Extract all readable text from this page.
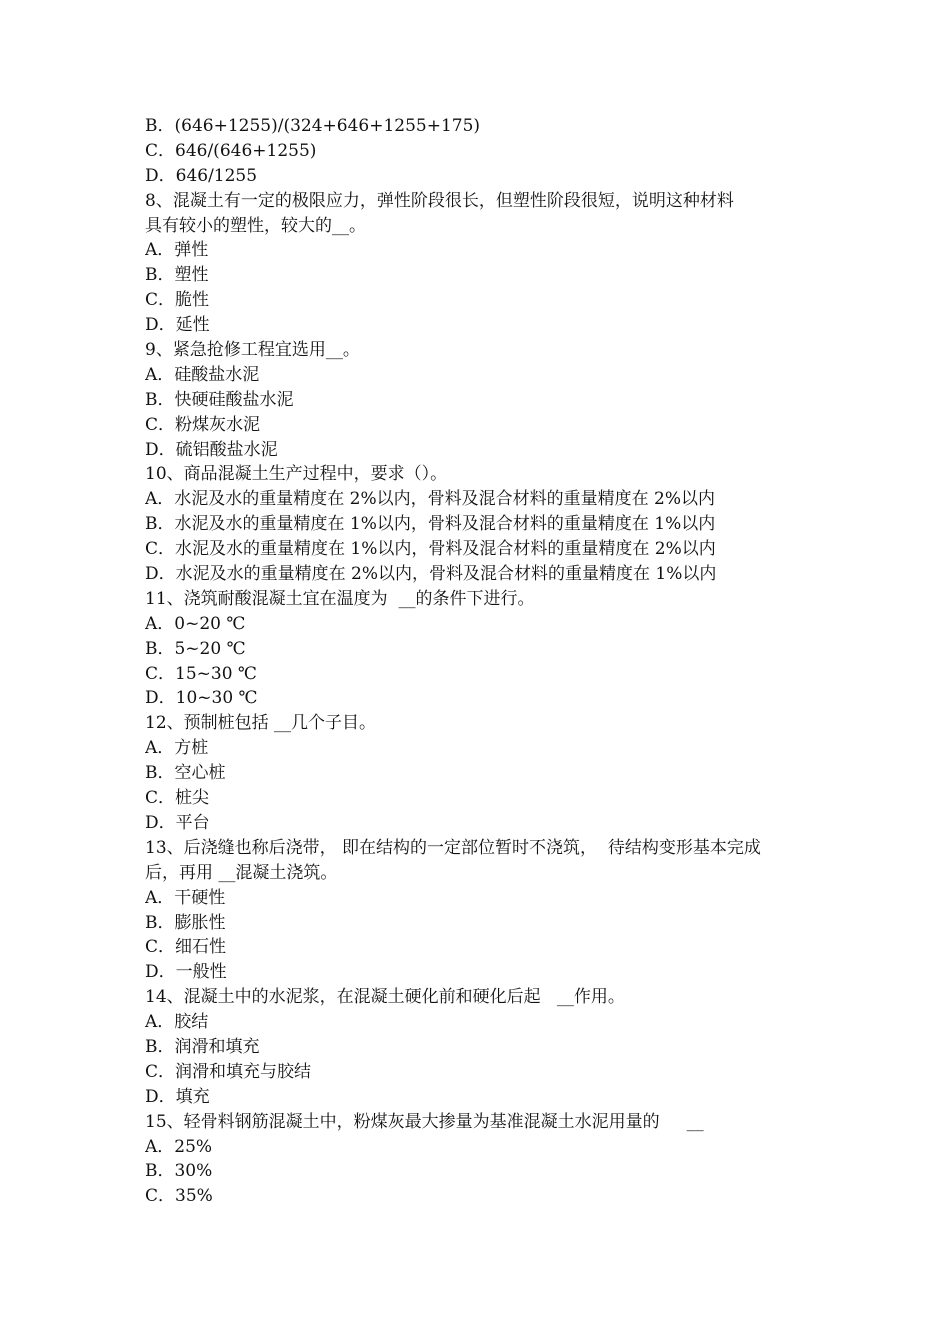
B．(646+1255)/(324+646+1255+175)
C．646/(646+1255)
D．646/1255
8、混凝土有一定的极限应力，弹性阶段很长，但塑性阶段很短，说明这种材料
具有较小的塑性，较大的__。
A．弹性
B．塑性
C．脆性
D．延性
9、紧急抢修工程宜选用__。
A．硅酸盐水泥
B．快硬硅酸盐水泥
C．粉煤灰水泥
D．硫铝酸盐水泥
10、商品混凝土生产过程中，要求（）。
A．水泥及水的重量精度在 2%以内，骨料及混合材料的重量精度在 2%以内
B．水泥及水的重量精度在 1%以内，骨料及混合材料的重量精度在 1%以内
C．水泥及水的重量精度在 1%以内，骨料及混合材料的重量精度在 2%以内
D．水泥及水的重量精度在 2%以内，骨料及混合材料的重量精度在 1%以内
11、浇筑耐酸混凝土宜在温度为  __的条件下进行。
A．0~20 ℃
B．5~20 ℃
C．15~30 ℃
D．10~30 ℃
12、预制桩包括 __几个子目。
A．方桩
B．空心桩
C．桩尖
D．平台
13、后浇缝也称后浇带， 即在结构的一定部位暂时不浇筑，  待结构变形基本完成
后，再用 __混凝土浇筑。
A．干硬性
B．膨胀性
C．细石性
D．一般性
14、混凝土中的水泥浆，在混凝土硬化前和硬化后起   __作用。
A．胶结
B．润滑和填充
C．润滑和填充与胶结
D．填充
15、轻骨料钢筋混凝土中，粉煤灰最大掺量为基准混凝土水泥用量的     __
A．25%
B．30%
C．35%
